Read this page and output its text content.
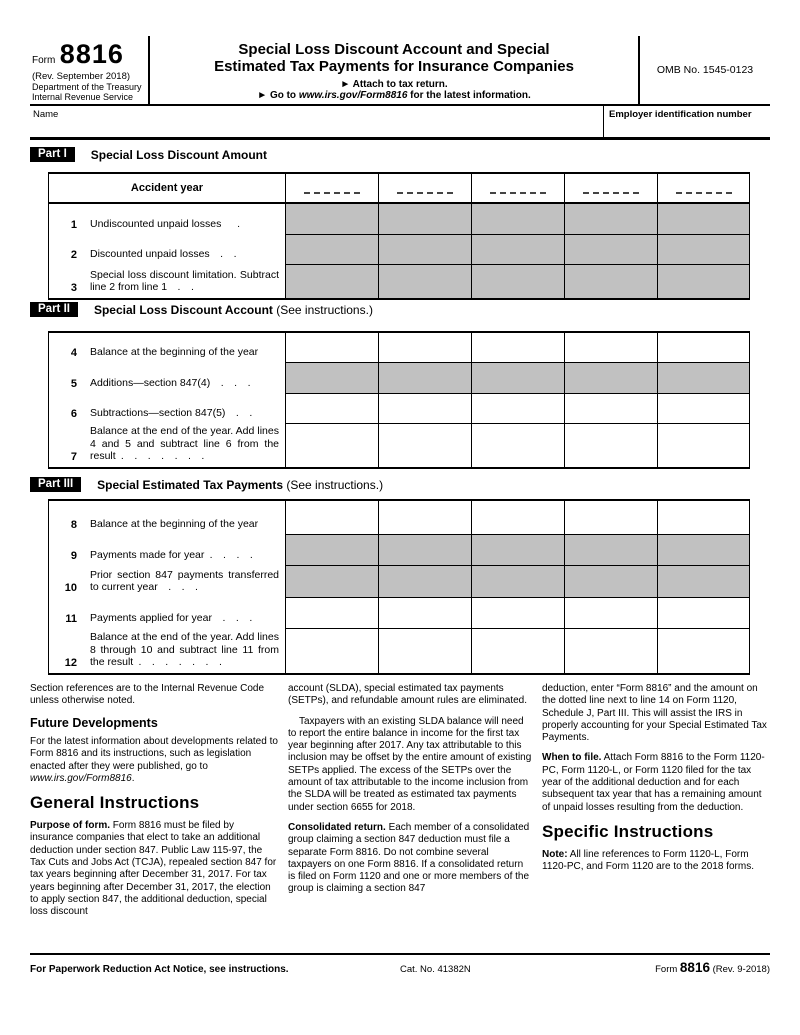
Form 8816
(Rev. September 2018)
Department of the Treasury
Internal Revenue Service
Special Loss Discount Account and Special
Estimated Tax Payments for Insurance Companies
► Attach to tax return.
► Go to www.irs.gov/Form8816 for the latest information.
OMB No. 1545-0123
Name	Employer identification number
Part I	Special Loss Discount Amount
Accident year
1 Undiscounted unpaid losses  .
2 Discounted unpaid losses  .  .
3
Special loss discount limitation. Subtract line 2 from line 1  .  .
Part II	Special Loss Discount Account (See instructions.)
4 Balance at the beginning of the year
5 Additions—section 847(4)  .  .  .
6 Subtractions—section 847(5)  .  .
7
Balance at the end of the year. Add lines 4 and 5 and subtract line 6 from the result .  .  .  .  .  .  .
Part III	Special Estimated Tax Payments (See instructions.)
8 Balance at the beginning of the year
9 Payments made for year .  .  .  .
10
Prior section 847 payments transferred to current year  .  .  .
11 Payments applied for year  .  .  .
12
Balance at the end of the year. Add lines 8 through 10 and subtract line 11 from the result .  .  .  .  .  .  .

Section references are to the Internal Revenue Code unless otherwise noted.

Future Developments

For the latest information about developments related to Form 8816 and its instructions, such as legislation enacted after they were published, go to www.irs.gov/Form8816.

General Instructions

Purpose of form. Form 8816 must be filed by insurance companies that elect to take an additional deduction under section 847. Public Law 115-97, the Tax Cuts and Jobs Act (TCJA), repealed section 847 for tax years beginning after December 31, 2017. For tax years beginning after December 31, 2017, the election to apply section 847, the additional deduction, special loss discount

account (SLDA), special estimated tax payments (SETPs), and refundable amount rules are eliminated.

Taxpayers with an existing SLDA balance will need to report the entire balance in income for the first tax year beginning after 2017. Any tax attributable to this inclusion may be offset by the entire amount of existing SETPs applied. The excess of the SETPs over the amount of tax attributable to the income inclusion from the SLDA will be treated as estimated tax payments under section 6655 for 2018.

Consolidated return. Each member of a consolidated group claiming a section 847 deduction must file a separate Form 8816. Do not combine several taxpayers on one Form 8816. If a consolidated return is filed on Form 1120 and one or more members of the group is claiming a section 847

deduction, enter “Form 8816” and the amount on the dotted line next to line 14 on Form 1120, Schedule J, Part III. This will assist the IRS in properly accounting for your Special Estimated Tax Payments.

When to file. Attach Form 8816 to the Form 1120-PC, Form 1120-L, or Form 1120 filed for the tax year of the additional deduction and for each subsequent tax year that has a remaining amount of unpaid losses resulting from the deduction.

Specific Instructions

Note: All line references to Form 1120-L, Form 1120-PC, and Form 1120 are to the 2018 forms.

For Paperwork Reduction Act Notice, see instructions.	Cat. No. 41382N	Form 8816 (Rev. 9-2018)
